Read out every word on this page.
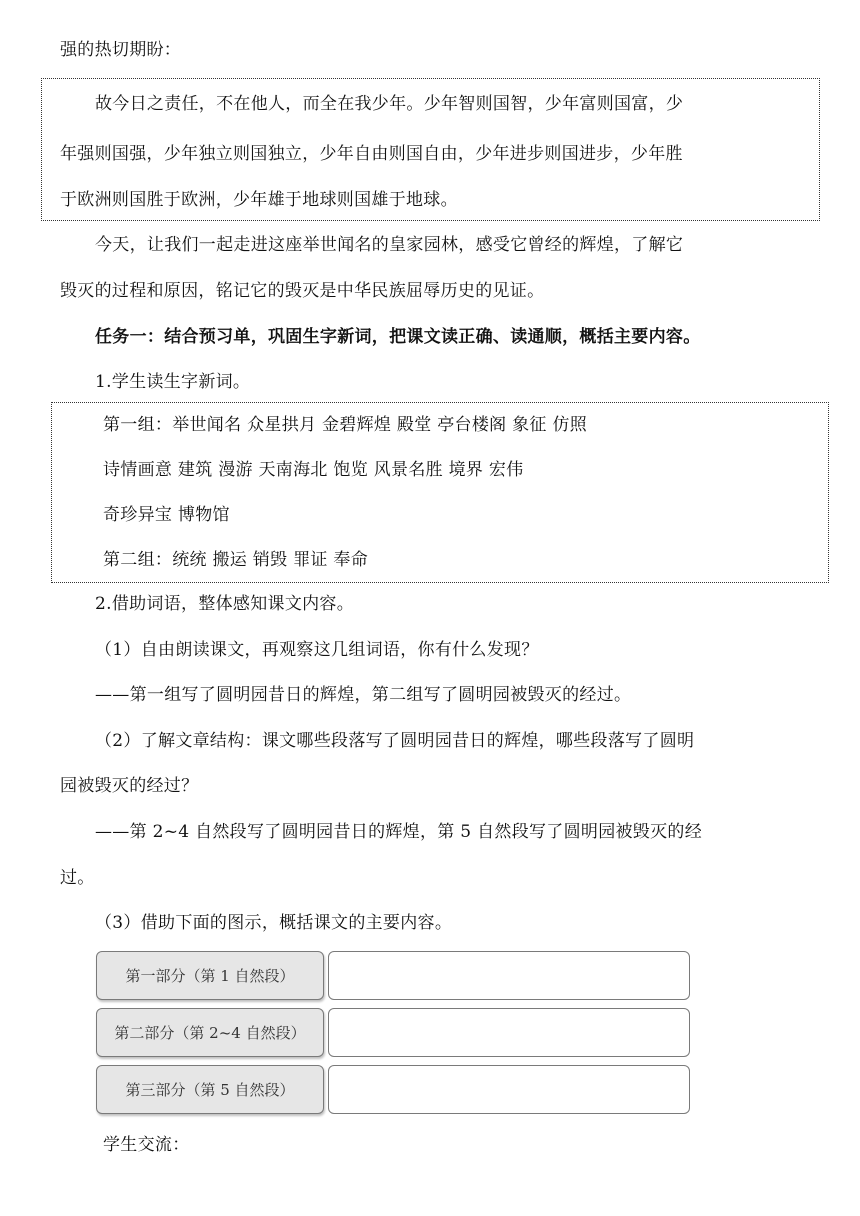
强的热切期盼：
故今日之责任，不在他人，而全在我少年。少年智则国智，少年富则国富，少
年强则国强，少年独立则国独立，少年自由则国自由，少年进步则国进步，少年胜
于欧洲则国胜于欧洲，少年雄于地球则国雄于地球。
今天，让我们一起走进这座举世闻名的皇家园林，感受它曾经的辉煌，了解它
毁灭的过程和原因，铭记它的毁灭是中华民族屈辱历史的见证。
任务一：结合预习单，巩固生字新词，把课文读正确、读通顺，概括主要内容。
1.学生读生字新词。
第一组：举世闻名 众星拱月 金碧辉煌 殿堂 亭台楼阁 象征 仿照
诗情画意 建筑 漫游 天南海北 饱览 风景名胜 境界 宏伟
奇珍异宝 博物馆
第二组：统统 搬运 销毁 罪证 奉命
2.借助词语，整体感知课文内容。
（1）自由朗读课文，再观察这几组词语，你有什么发现？
——第一组写了圆明园昔日的辉煌，第二组写了圆明园被毁灭的经过。
（2）了解文章结构：课文哪些段落写了圆明园昔日的辉煌，哪些段落写了圆明
园被毁灭的经过？
——第 2~4 自然段写了圆明园昔日的辉煌，第 5 自然段写了圆明园被毁灭的经
过。
（3）借助下面的图示，概括课文的主要内容。
第一部分（第 1 自然段）
第二部分（第 2~4 自然段）
第三部分（第 5 自然段）
学生交流：
